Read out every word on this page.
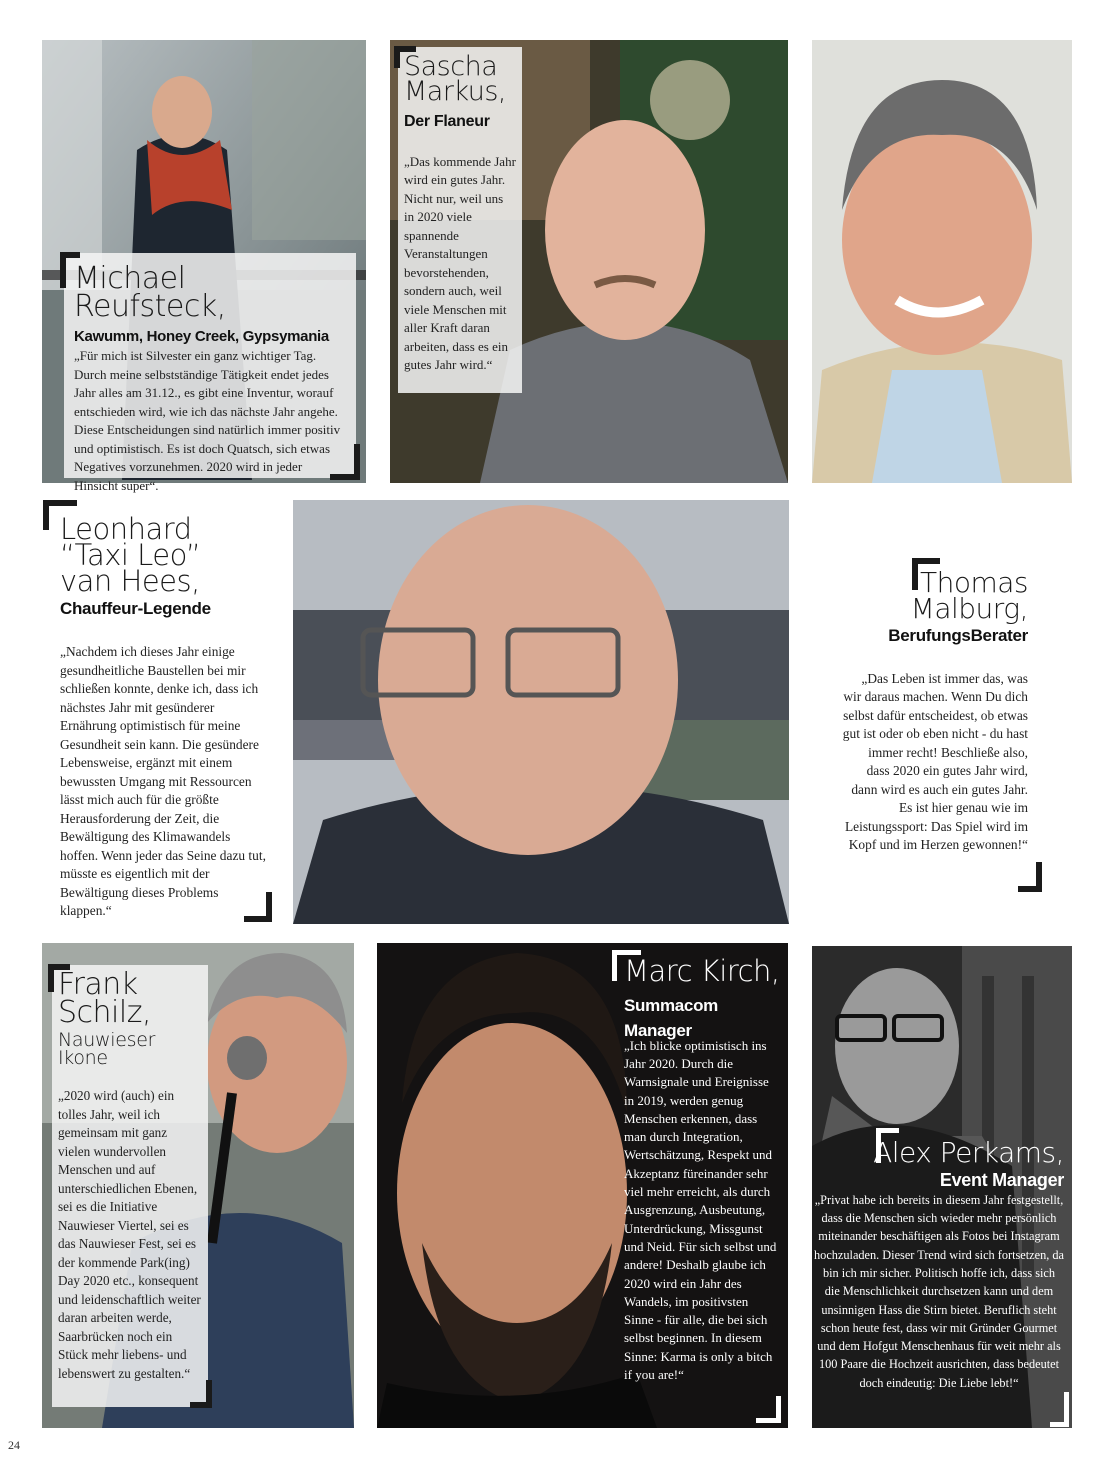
Michael Reufsteck,
Kawumm, Honey Creek, Gypsymania
„Für mich ist Silvester ein ganz wichtiger Tag. Durch meine selbstständige Tätigkeit endet jedes Jahr alles am 31.12., es gibt eine Inventur, worauf entschieden wird, wie ich das nächste Jahr angehe. Diese Entscheidungen sind natürlich immer positiv und optimistisch. Es ist doch Quatsch, sich etwas Negatives vorzunehmen. 2020 wird in jeder Hinsicht super“.
Sascha Markus,
Der Flaneur
„Das kommende Jahr wird ein gutes Jahr. Nicht nur, weil uns in 2020 viele spannende Veranstaltungen bevorstehenden, sondern auch, weil viele Menschen mit aller Kraft daran arbeiten, dass es ein gutes Jahr wird.“
Leonhard “Taxi Leo” van Hees,
Chauffeur-Legende
„Nachdem ich dieses Jahr einige gesundheitliche Baustellen bei mir schließen konnte, denke ich, dass ich nächstes Jahr mit gesünderer Ernährung optimistisch für meine Gesundheit sein kann. Die gesündere Lebensweise, ergänzt mit einem bewussten Umgang mit Ressourcen lässt mich auch für die größte Herausforderung der Zeit, die Bewältigung des Klimawandels hoffen. Wenn jeder das Seine dazu tut, müsste es eigentlich mit der Bewältigung dieses Problems klappen.“
Thomas Malburg,
BerufungsBerater
„Das Leben ist immer das, was wir daraus machen. Wenn Du dich selbst dafür entscheidest, ob etwas gut ist oder ob eben nicht - du hast immer recht! Beschließe also, dass 2020 ein gutes Jahr wird, dann wird es auch ein gutes Jahr. Es ist hier genau wie im Leistungssport: Das Spiel wird im Kopf und im Herzen gewonnen!“
Frank Schilz,
Nauwieser Ikone
„2020 wird (auch) ein tolles Jahr, weil ich gemeinsam mit ganz vielen wundervollen Menschen und auf unterschiedlichen Ebenen, sei es die Initiative Nauwieser Viertel, sei es das Nauwieser Fest, sei es der kommende Park(ing) Day 2020 etc., konsequent und leidenschaftlich weiter daran arbeiten werde, Saarbrücken noch ein Stück mehr liebens- und lebenswert zu gestalten.“
Marc Kirch,
Summacom Manager
„Ich blicke optimistisch ins Jahr 2020. Durch die Warnsignale und Ereignisse in 2019, werden genug Menschen erkennen, dass man durch Integration, Wertschätzung, Respekt und Akzeptanz füreinander sehr viel mehr erreicht, als durch Ausgrenzung, Ausbeutung, Unterdrückung, Missgunst und Neid. Für sich selbst und andere! Deshalb glaube ich 2020 wird ein Jahr des Wandels, im positivsten Sinne - für alle, die bei sich selbst beginnen. In diesem Sinne: Karma is only a bitch if you are!“
Alex Perkams,
Event Manager
„Privat habe ich bereits in diesem Jahr festgestellt, dass die Menschen sich wieder mehr persönlich miteinander beschäftigen als Fotos bei Instagram hochzuladen. Dieser Trend wird sich fortsetzen, da bin ich mir sicher. Politisch hoffe ich, dass sich die Menschlichkeit durchsetzen kann und dem unsinnigen Hass die Stirn bietet. Beruflich steht schon heute fest, dass wir mit Gründer Gourmet und dem Hofgut Menschenhaus für weit mehr als 100 Paare die Hochzeit ausrichten, dass bedeutet doch eindeutig: Die Liebe lebt!“
24
